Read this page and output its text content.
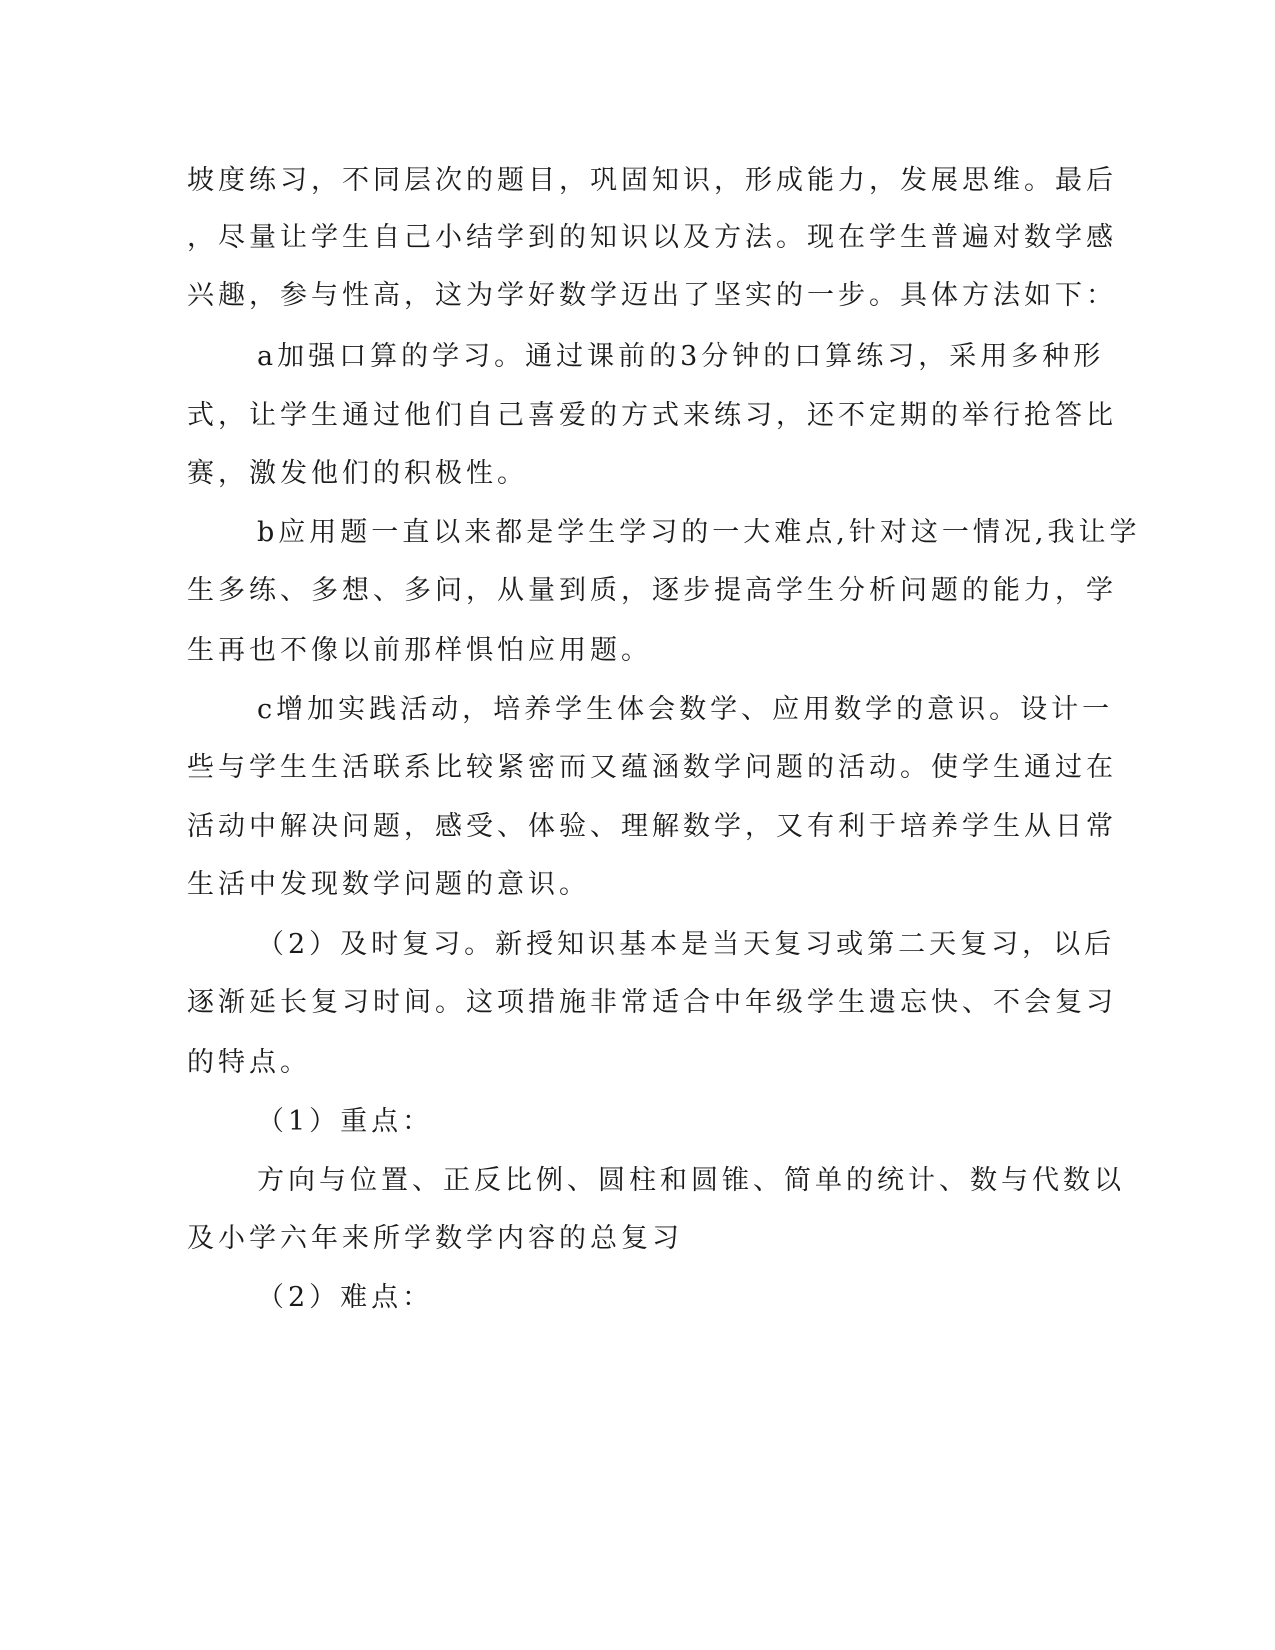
坡度练习，不同层次的题目，巩固知识，形成能力，发展思维。最后
，尽量让学生自己小结学到的知识以及方法。现在学生普遍对数学感
兴趣，参与性高，这为学好数学迈出了坚实的一步。具体方法如下：
a加强口算的学习。通过课前的3分钟的口算练习，采用多种形
式，让学生通过他们自己喜爱的方式来练习，还不定期的举行抢答比
赛，激发他们的积极性。
b应用题一直以来都是学生学习的一大难点,针对这一情况,我让学
生多练、多想、多问，从量到质，逐步提高学生分析问题的能力，学
生再也不像以前那样惧怕应用题。
c增加实践活动，培养学生体会数学、应用数学的意识。设计一
些与学生生活联系比较紧密而又蕴涵数学问题的活动。使学生通过在
活动中解决问题，感受、体验、理解数学，又有利于培养学生从日常
生活中发现数学问题的意识。
（2）及时复习。新授知识基本是当天复习或第二天复习，以后
逐渐延长复习时间。这项措施非常适合中年级学生遗忘快、不会复习
的特点。
（1）重点：
方向与位置、正反比例、圆柱和圆锥、简单的统计、数与代数以
及小学六年来所学数学内容的总复习
（2）难点：
